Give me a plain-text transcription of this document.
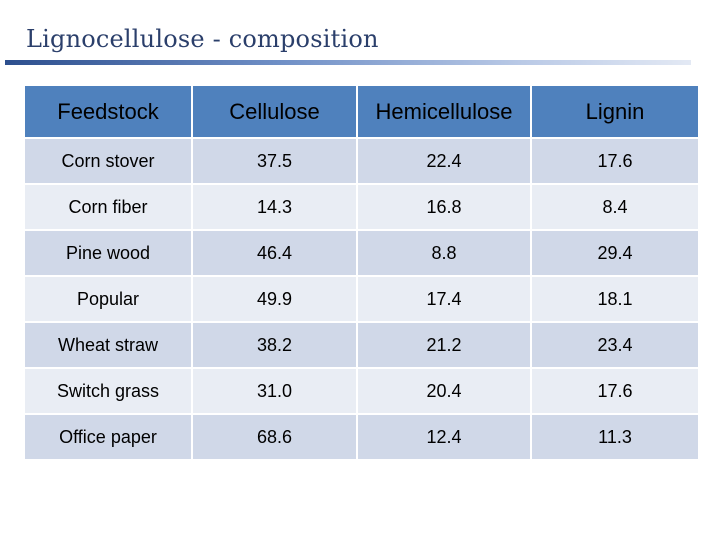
Lignocellulose - composition
Feedstock	Cellulose	Hemicellulose	Lignin
Corn stover	37.5	22.4	17.6
Corn fiber	14.3	16.8	8.4
Pine wood	46.4	8.8	29.4
Popular	49.9	17.4	18.1
Wheat straw	38.2	21.2	23.4
Switch grass	31.0	20.4	17.6
Office paper	68.6	12.4	11.3
